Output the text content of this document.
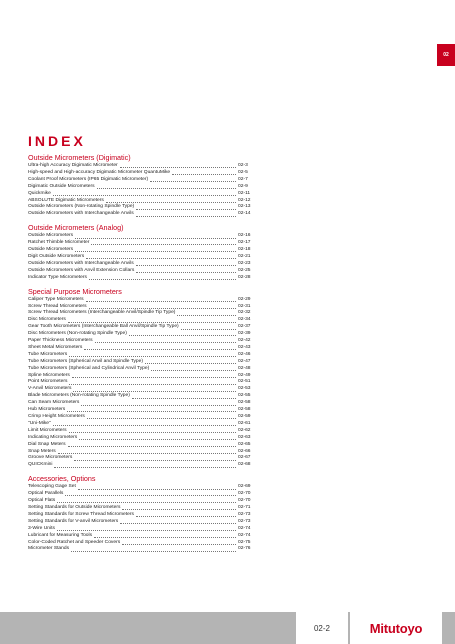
02
INDEX
Outside Micrometers (Digimatic)
Ultra-high Accuracy Digimatic Micrometer	02-3
High-speed and High-accuracy Digimatic Micrometer QuantuMike	02-5
Coolant Proof Micrometers (IP65 Digimatic Micrometer)	02-7
Digimatic Outside Micrometers	02-9
Quickmike	02-11
ABSOLUTE Digimatic Micrometers	02-12
Outside Micrometers (Non-rotating Spindle Type)	02-13
Outside Micrometers with Interchangeable Anvils	02-14
Outside Micrometers (Analog)
Outside Micrometers	02-16
Ratchet Thimble Micrometer	02-17
Outside Micrometers	02-18
Digit Outside Micrometers	02-21
Outside Micrometers with Interchangeable Anvils	02-23
Outside Micrometers with Anvil Extension Collars	02-25
Indicator Type Micrometers	02-28
Special Purpose Micrometers
Caliper Type Micrometers	02-29
Screw Thread Micrometers	02-31
Screw Thread Micrometers (Interchangeable Anvil/Spindle Tip Type)	02-32
Disc Micrometers	02-34
Gear Tooth Micrometers (Interchangeable Ball Anvil/Spindle Tip Type)	02-37
Disc Micrometers (Non-rotating Spindle Type)	02-39
Paper Thickness Micrometers	02-42
Sheet Metal Micrometers	02-43
Tube Micrometers	02-46
Tube Micrometers (Spherical Anvil and Spindle Type)	02-47
Tube Micrometers (Spherical and Cylindrical Anvil Type)	02-48
Spline Micrometers	02-49
Point Micrometers	02-51
V-Anvil Micrometers	02-53
Blade Micrometers (Non-rotating Spindle Type)	02-55
Can Seam Micrometers	02-58
Hub Micrometers	02-58
Crimp Height Micrometers	02-59
"Uni-Mike"	02-61
Limit Micrometers	02-62
Indicating Micrometers	02-63
Dial Snap Meters	02-65
Snap Meters	02-66
Groove Micrometers	02-67
QUICKmini	02-68
Accessories, Options
Telescoping Gage Set	02-69
Optical Parallels	02-70
Optical Flats	02-70
Setting Standards for Outside Micrometers	02-71
Setting Standards for Screw Thread Micrometers	02-73
Setting Standards for V-anvil Micrometers	02-73
3-Wire Units	02-74
Lubricant for Measuring Tools	02-74
Color-Coded Ratchet and Speeder Covers	02-75
Micrometer Stands	02-76
02-2	Mitutoyo
